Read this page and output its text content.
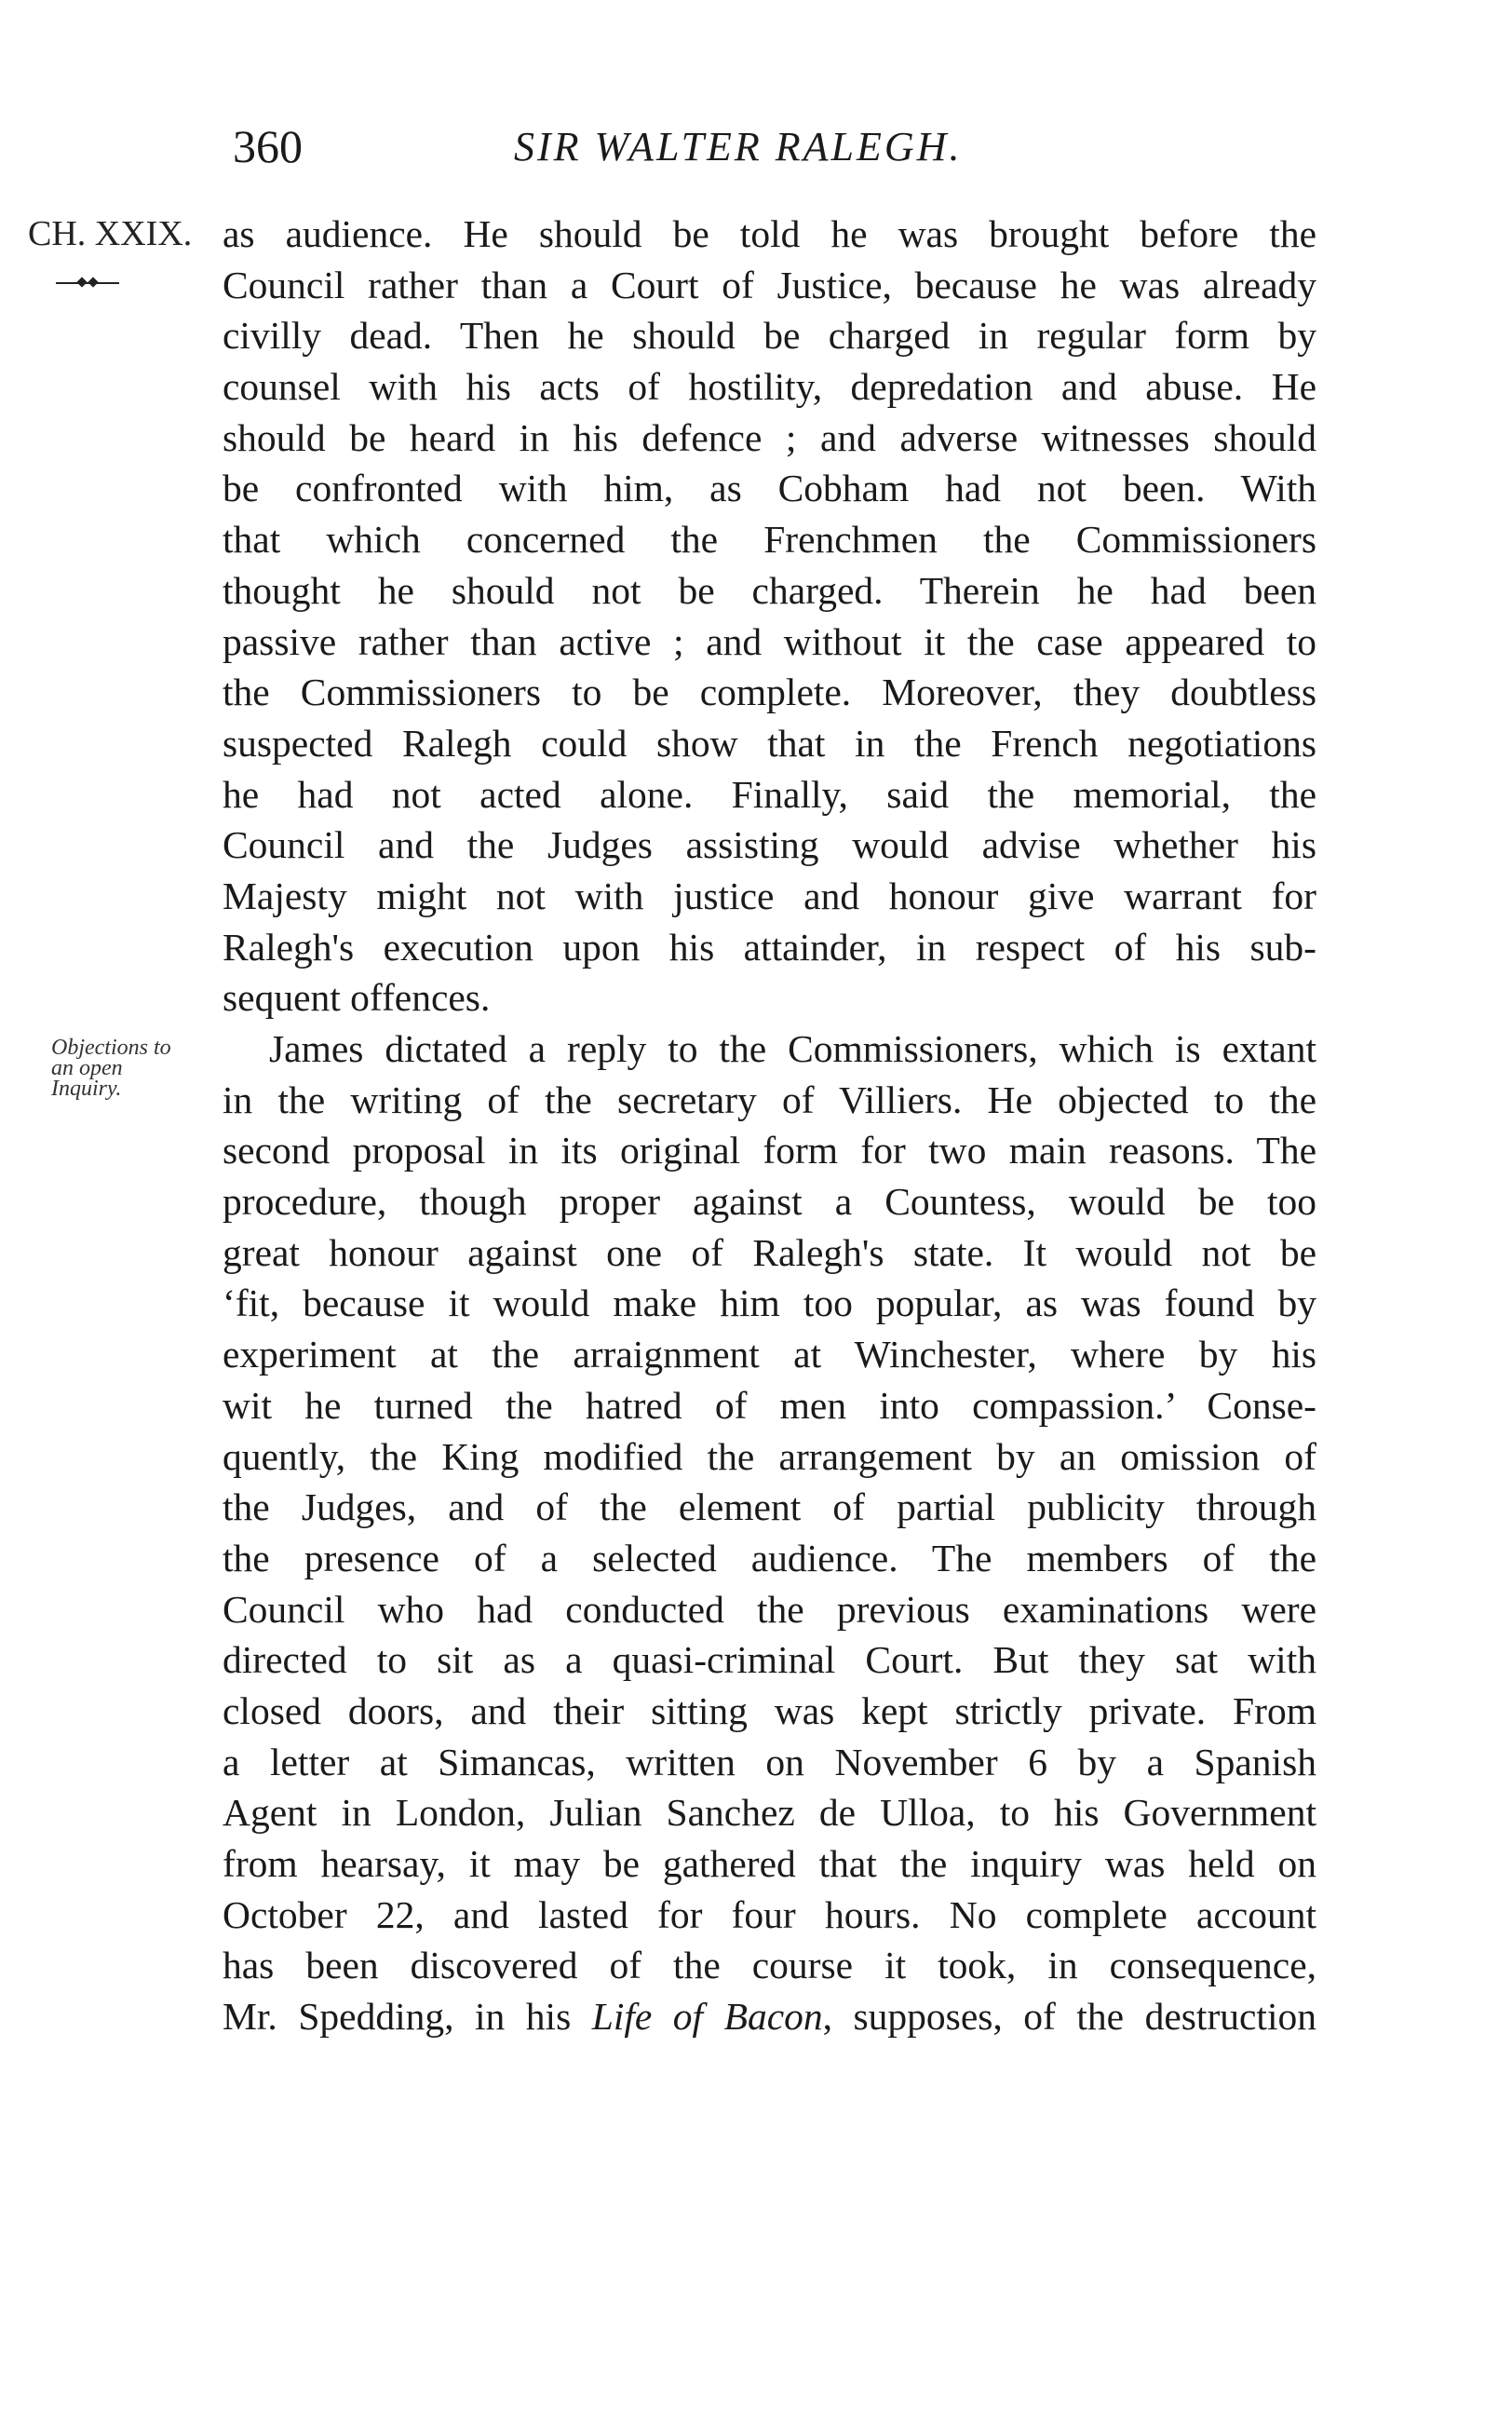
360	SIR WALTER RALEGH.
CH. XXIX.
Objections to
an open
Inquiry.
as audience. He should be told he was brought before the
Council rather than a Court of Justice, because he was already
civilly dead. Then he should be charged in regular form by
counsel with his acts of hostility, depredation and abuse. He
should be heard in his defence ; and adverse witnesses should
be confronted with him, as Cobham had not been. With
that which concerned the Frenchmen the Commissioners
thought he should not be charged. Therein he had been
passive rather than active ; and without it the case appeared to
the Commissioners to be complete. Moreover, they doubtless
suspected Ralegh could show that in the French negotiations
he had not acted alone. Finally, said the memorial, the
Council and the Judges assisting would advise whether his
Majesty might not with justice and honour give warrant for
Ralegh's execution upon his attainder, in respect of his sub-
sequent offences.
James dictated a reply to the Commissioners, which is extant
in the writing of the secretary of Villiers. He objected to the
second proposal in its original form for two main reasons. The
procedure, though proper against a Countess, would be too
great honour against one of Ralegh's state. It would not be
‘fit, because it would make him too popular, as was found by
experiment at the arraignment at Winchester, where by his
wit he turned the hatred of men into compassion.’ Conse-
quently, the King modified the arrangement by an omission of
the Judges, and of the element of partial publicity through
the presence of a selected audience. The members of the
Council who had conducted the previous examinations were
directed to sit as a quasi-criminal Court. But they sat with
closed doors, and their sitting was kept strictly private. From
a letter at Simancas, written on November 6 by a Spanish
Agent in London, Julian Sanchez de Ulloa, to his Government
from hearsay, it may be gathered that the inquiry was held on
October 22, and lasted for four hours. No complete account
has been discovered of the course it took, in consequence,
Mr. Spedding, in his Life of Bacon, supposes, of the destruction
